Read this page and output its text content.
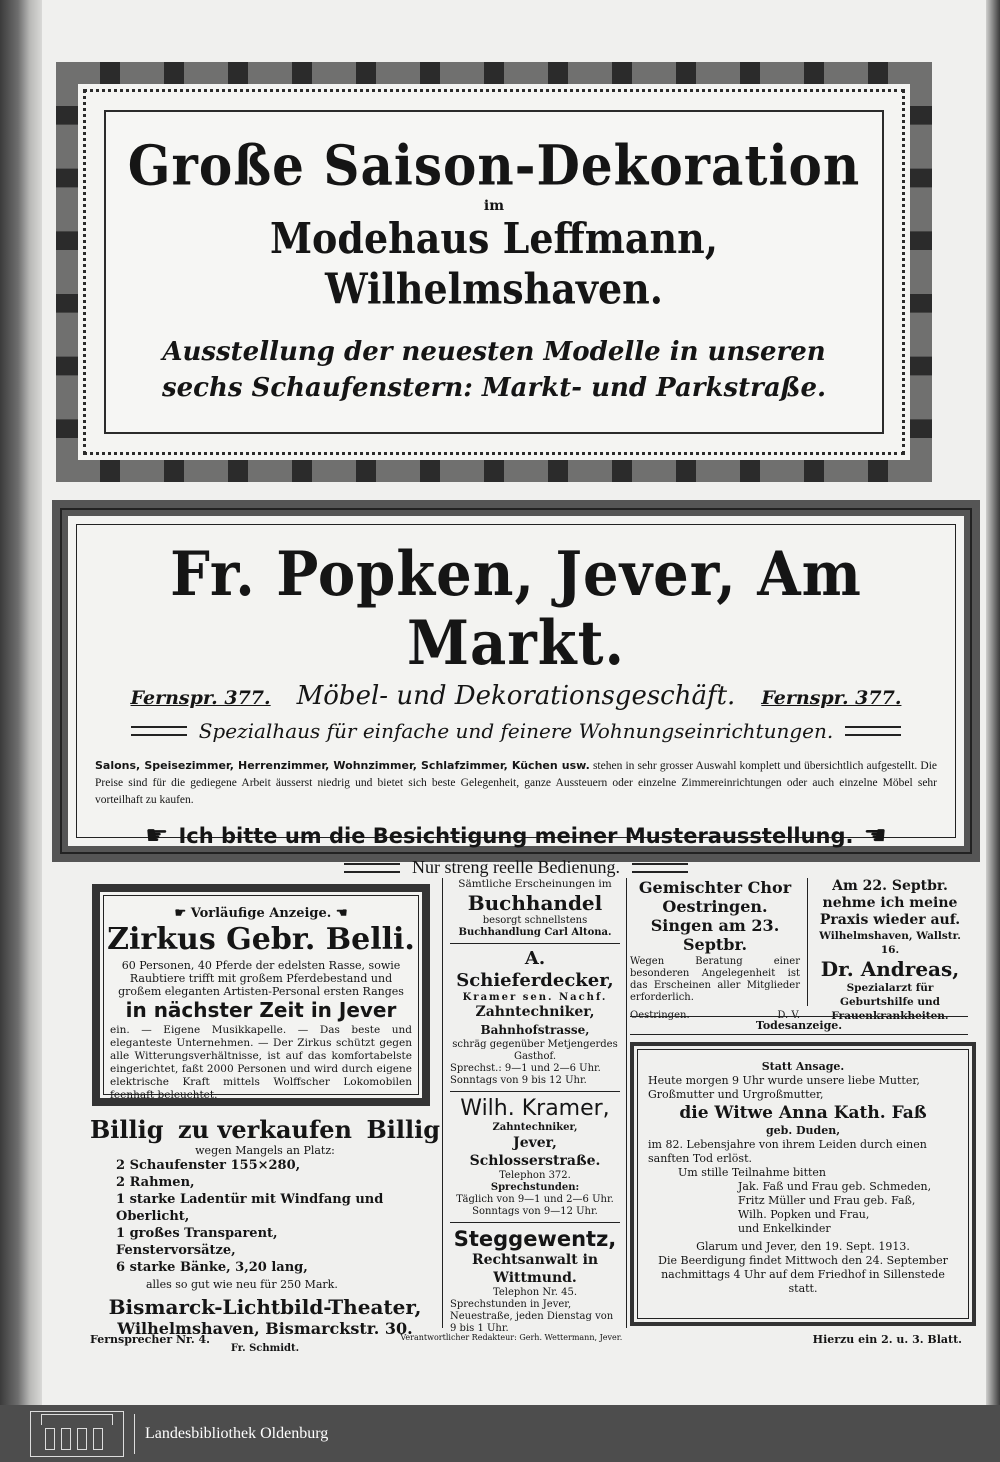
Große Saison-Dekoration
im
Modehaus Leffmann, Wilhelmshaven.
Ausstellung der neuesten Modelle in unseren
sechs Schaufenstern: Markt- und Parkstraße.
Fr. Popken, Jever, Am Markt.
Fernspr. 377. Möbel- und Dekorationsgeschäft. Fernspr. 377.
Spezialhaus für einfache und feinere Wohnungseinrichtungen.
Salons, Speisezimmer, Herrenzimmer, Wohnzimmer, Schlafzimmer, Küchen usw. stehen in sehr grosser Auswahl komplett und übersichtlich aufgestellt. Die Preise sind für die gediegene Arbeit äusserst niedrig und bietet sich beste Gelegenheit, ganze Aussteuern oder einzelne Zimmereinrichtungen oder auch einzelne Möbel sehr vorteilhaft zu kaufen.
☛ Ich bitte um die Besichtigung meiner Musterausstellung. ☚
Nur streng reelle Bedienung.
☛ Vorläufige Anzeige. ☚
Zirkus Gebr. Belli.
60 Personen, 40 Pferde der edelsten Rasse, sowie Raubtiere trifft mit großem Pferdebestand und großem eleganten Artisten-Personal ersten Ranges
in nächster Zeit in Jever
ein. — Eigene Musikkapelle. — Das beste und eleganteste Unternehmen. — Der Zirkus schützt gegen alle Witterungsverhältnisse, ist auf das komfortabelste eingerichtet, faßt 2000 Personen und wird durch eigene elektrische Kraft mittels Wolffscher Lokomobilen feenhaft beleuchtet.
Billig zu verkaufen Billig
wegen Mangels an Platz:
2 Schaufenster 155×280,
2 Rahmen,
1 starke Ladentür mit Windfang und Oberlicht,
1 großes Transparent,
Fenstervorsätze,
6 starke Bänke, 3,20 lang,
alles so gut wie neu für 250 Mark.
Bismarck-Lichtbild-Theater,
Wilhelmshaven, Bismarckstr. 30.
Fr. Schmidt.
Sämtliche Erscheinungen im
Buchhandel
besorgt schnellstens
Buchhandlung Carl Altona.
A. Schieferdecker,
Kramer sen. Nachf.
Zahntechniker,
Bahnhofstrasse,
schräg gegenüber Metjengerdes Gasthof.
Sprechst.: 9—1 und 2—6 Uhr. Sonntags von 9 bis 12 Uhr.
Wilh. Kramer,
Zahntechniker,
Jever, Schlosserstraße.
Telephon 372.
Sprechstunden:
Täglich von 9—1 und 2—6 Uhr. Sonntags von 9—12 Uhr.
Steggewentz,
Rechtsanwalt in Wittmund.
Telephon Nr. 45.
Sprechstunden in Jever, Neuestraße, jeden Dienstag von 9 bis 1 Uhr.
Gemischter Chor Oestringen.
Singen am 23. Septbr.
Wegen Beratung einer besonderen Angelegenheit ist das Erscheinen aller Mitglieder erforderlich.
Oestringen.	D. V.
Am 22. Septbr. nehme ich meine Praxis wieder auf.
Wilhelmshaven, Wallstr. 16.
Dr. Andreas,
Spezialarzt für Geburtshilfe und Frauenkrankheiten.
Todesanzeige.
Statt Ansage.
Heute morgen 9 Uhr wurde unsere liebe Mutter, Großmutter und Urgroßmutter,
die Witwe Anna Kath. Faß
geb. Duden,
im 82. Lebensjahre von ihrem Leiden durch einen sanften Tod erlöst.
Um stille Teilnahme bitten
Jak. Faß und Frau geb. Schmeden,
Fritz Müller und Frau geb. Faß,
Wilh. Popken und Frau,
und Enkelkinder
Glarum und Jever, den 19. Sept. 1913.
Die Beerdigung findet Mittwoch den 24. September nachmittags 4 Uhr auf dem Friedhof in Sillenstede statt.
Fernsprecher Nr. 4.	Verantwortlicher Redakteur: Gerh. Wettermann, Jever.	Hierzu ein 2. u. 3. Blatt.
Landesbibliothek Oldenburg
